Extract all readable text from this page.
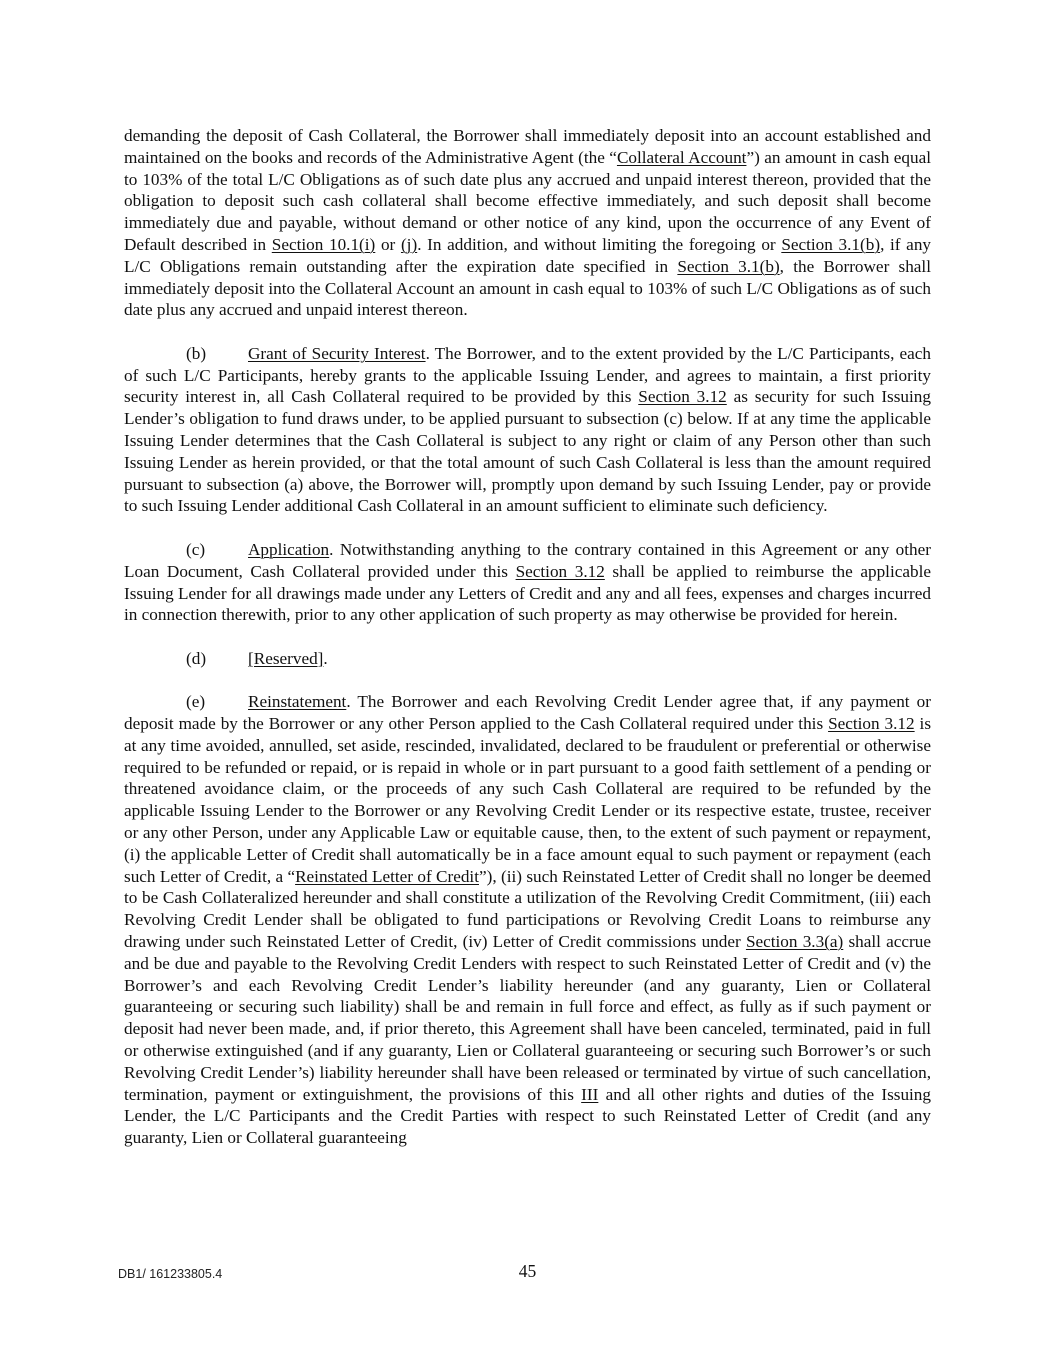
demanding the deposit of Cash Collateral, the Borrower shall immediately deposit into an account established and maintained on the books and records of the Administrative Agent (the “Collateral Account”) an amount in cash equal to 103% of the total L/C Obligations as of such date plus any accrued and unpaid interest thereon, provided that the obligation to deposit such cash collateral shall become effective immediately, and such deposit shall become immediately due and payable, without demand or other notice of any kind, upon the occurrence of any Event of Default described in Section 10.1(i) or (j). In addition, and without limiting the foregoing or Section 3.1(b), if any L/C Obligations remain outstanding after the expiration date specified in Section 3.1(b), the Borrower shall immediately deposit into the Collateral Account an amount in cash equal to 103% of such L/C Obligations as of such date plus any accrued and unpaid interest thereon.

(b) Grant of Security Interest. The Borrower, and to the extent provided by the L/C Participants, each of such L/C Participants, hereby grants to the applicable Issuing Lender, and agrees to maintain, a first priority security interest in, all Cash Collateral required to be provided by this Section 3.12 as security for such Issuing Lender’s obligation to fund draws under, to be applied pursuant to subsection (c) below. If at any time the applicable Issuing Lender determines that the Cash Collateral is subject to any right or claim of any Person other than such Issuing Lender as herein provided, or that the total amount of such Cash Collateral is less than the amount required pursuant to subsection (a) above, the Borrower will, promptly upon demand by such Issuing Lender, pay or provide to such Issuing Lender additional Cash Collateral in an amount sufficient to eliminate such deficiency.

(c) Application. Notwithstanding anything to the contrary contained in this Agreement or any other Loan Document, Cash Collateral provided under this Section 3.12 shall be applied to reimburse the applicable Issuing Lender for all drawings made under any Letters of Credit and any and all fees, expenses and charges incurred in connection therewith, prior to any other application of such property as may otherwise be provided for herein.

(d) [Reserved].

(e) Reinstatement. The Borrower and each Revolving Credit Lender agree that, if any payment or deposit made by the Borrower or any other Person applied to the Cash Collateral required under this Section 3.12 is at any time avoided, annulled, set aside, rescinded, invalidated, declared to be fraudulent or preferential or otherwise required to be refunded or repaid, or is repaid in whole or in part pursuant to a good faith settlement of a pending or threatened avoidance claim, or the proceeds of any such Cash Collateral are required to be refunded by the applicable Issuing Lender to the Borrower or any Revolving Credit Lender or its respective estate, trustee, receiver or any other Person, under any Applicable Law or equitable cause, then, to the extent of such payment or repayment, (i) the applicable Letter of Credit shall automatically be in a face amount equal to such payment or repayment (each such Letter of Credit, a “Reinstated Letter of Credit”), (ii) such Reinstated Letter of Credit shall no longer be deemed to be Cash Collateralized hereunder and shall constitute a utilization of the Revolving Credit Commitment, (iii) each Revolving Credit Lender shall be obligated to fund participations or Revolving Credit Loans to reimburse any drawing under such Reinstated Letter of Credit, (iv) Letter of Credit commissions under Section 3.3(a) shall accrue and be due and payable to the Revolving Credit Lenders with respect to such Reinstated Letter of Credit and (v) the Borrower’s and each Revolving Credit Lender’s liability hereunder (and any guaranty, Lien or Collateral guaranteeing or securing such liability) shall be and remain in full force and effect, as fully as if such payment or deposit had never been made, and, if prior thereto, this Agreement shall have been canceled, terminated, paid in full or otherwise extinguished (and if any guaranty, Lien or Collateral guaranteeing or securing such Borrower’s or such Revolving Credit Lender’s) liability hereunder shall have been released or terminated by virtue of such cancellation, termination, payment or extinguishment, the provisions of this III and all other rights and duties of the Issuing Lender, the L/C Participants and the Credit Parties with respect to such Reinstated Letter of Credit (and any guaranty, Lien or Collateral guaranteeing

DB1/ 161233805.4	45
